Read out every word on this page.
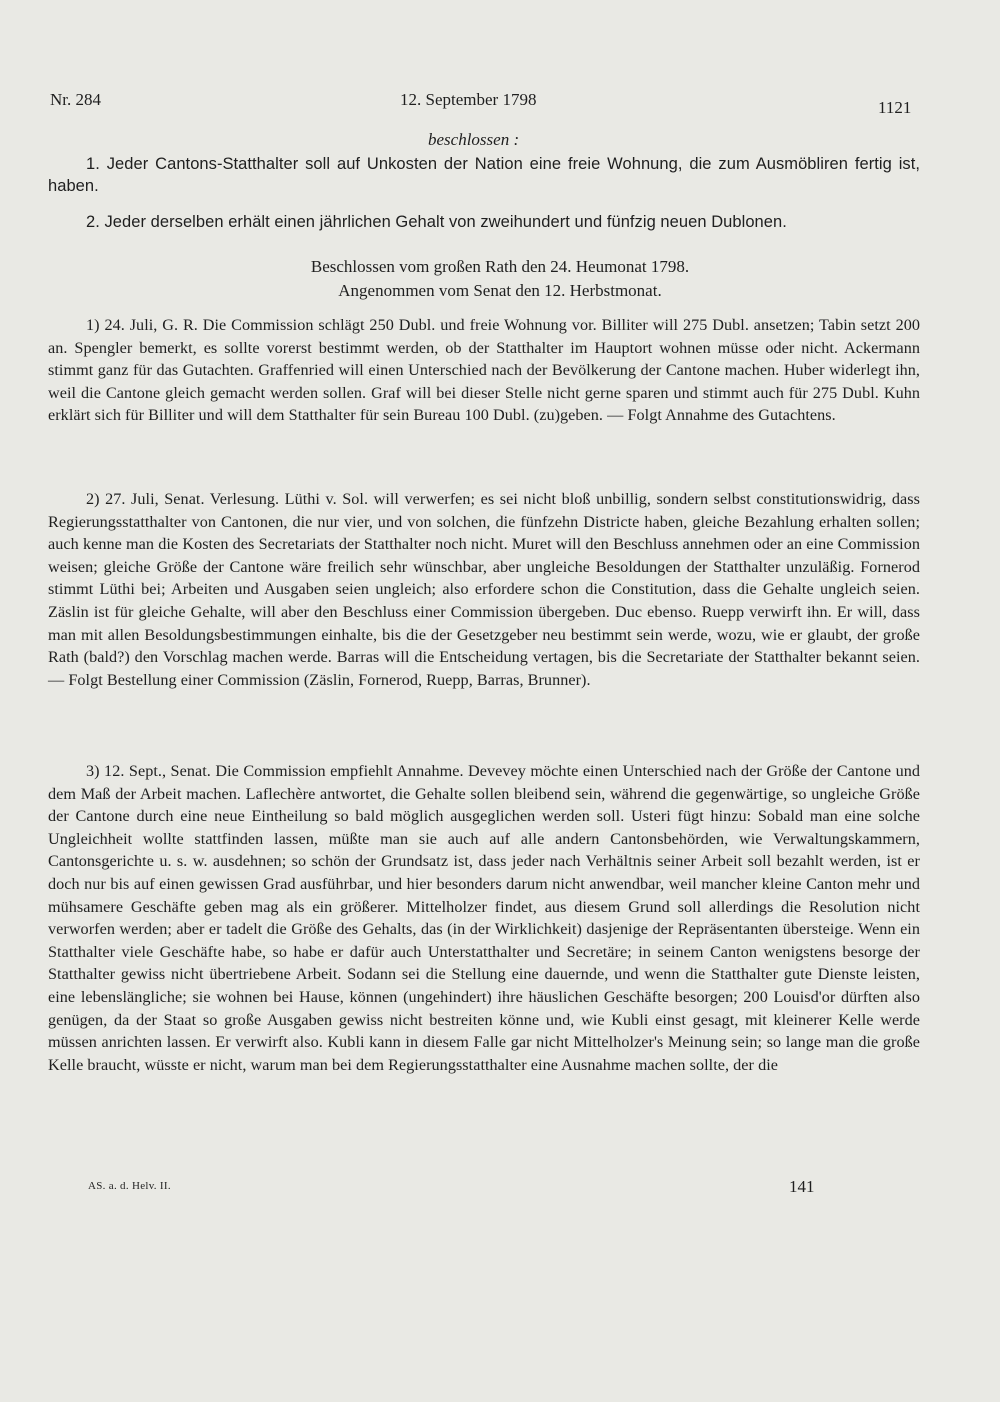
Nr. 284	12. September 1798	1121
beschlossen :
1. Jeder Cantons-Statthalter soll auf Unkosten der Nation eine freie Wohnung, die zum Ausmöbliren fertig ist, haben.
2. Jeder derselben erhält einen jährlichen Gehalt von zweihundert und fünfzig neuen Dublonen.
Beschlossen vom großen Rath den 24. Heumonat 1798.
Angenommen vom Senat den 12. Herbstmonat.
1) 24. Juli, G. R. Die Commission schlägt 250 Dubl. und freie Wohnung vor. Billiter will 275 Dubl. ansetzen; Tabin setzt 200 an. Spengler bemerkt, es sollte vorerst bestimmt werden, ob der Statthalter im Hauptort wohnen müsse oder nicht. Ackermann stimmt ganz für das Gutachten. Graffenried will einen Unterschied nach der Bevölkerung der Cantone machen. Huber widerlegt ihn, weil die Cantone gleich gemacht werden sollen. Graf will bei dieser Stelle nicht gerne sparen und stimmt auch für 275 Dubl. Kuhn erklärt sich für Billiter und will dem Statthalter für sein Bureau 100 Dubl. (zu)geben. — Folgt Annahme des Gutachtens.
2) 27. Juli, Senat. Verlesung. Lüthi v. Sol. will verwerfen; es sei nicht bloß unbillig, sondern selbst constitutionswidrig, dass Regierungsstatthalter von Cantonen, die nur vier, und von solchen, die fünfzehn Districte haben, gleiche Bezahlung erhalten sollen; auch kenne man die Kosten des Secretariats der Statthalter noch nicht. Muret will den Beschluss annehmen oder an eine Commission weisen; gleiche Größe der Cantone wäre freilich sehr wünschbar, aber ungleiche Besoldungen der Statthalter unzuläßig. Fornerod stimmt Lüthi bei; Arbeiten und Ausgaben seien ungleich; also erfordere schon die Constitution, dass die Gehalte ungleich seien. Zäslin ist für gleiche Gehalte, will aber den Beschluss einer Commission übergeben. Duc ebenso. Ruepp verwirft ihn. Er will, dass man mit allen Besoldungsbestimmungen einhalte, bis die der Gesetzgeber neu bestimmt sein werde, wozu, wie er glaubt, der große Rath (bald?) den Vorschlag machen werde. Barras will die Entscheidung vertagen, bis die Secretariate der Statthalter bekannt seien. — Folgt Bestellung einer Commission (Zäslin, Fornerod, Ruepp, Barras, Brunner).
3) 12. Sept., Senat. Die Commission empfiehlt Annahme. Devevey möchte einen Unterschied nach der Größe der Cantone und dem Maß der Arbeit machen. Laflechère antwortet, die Gehalte sollen bleibend sein, während die gegenwärtige, so ungleiche Größe der Cantone durch eine neue Eintheilung so bald möglich ausgeglichen werden soll. Usteri fügt hinzu: Sobald man eine solche Ungleichheit wollte stattfinden lassen, müßte man sie auch auf alle andern Cantonsbehörden, wie Verwaltungskammern, Cantonsgerichte u. s. w. ausdehnen; so schön der Grundsatz ist, dass jeder nach Verhältnis seiner Arbeit soll bezahlt werden, ist er doch nur bis auf einen gewissen Grad ausführbar, und hier besonders darum nicht anwendbar, weil mancher kleine Canton mehr und mühsamere Geschäfte geben mag als ein größerer. Mittelholzer findet, aus diesem Grund soll allerdings die Resolution nicht verworfen werden; aber er tadelt die Größe des Gehalts, das (in der Wirklichkeit) dasjenige der Repräsentanten übersteige. Wenn ein Statthalter viele Geschäfte habe, so habe er dafür auch Unterstatthalter und Secretäre; in seinem Canton wenigstens besorge der Statthalter gewiss nicht übertriebene Arbeit. Sodann sei die Stellung eine dauernde, und wenn die Statthalter gute Dienste leisten, eine lebenslängliche; sie wohnen bei Hause, können (ungehindert) ihre häuslichen Geschäfte besorgen; 200 Louisd'or dürften also genügen, da der Staat so große Ausgaben gewiss nicht bestreiten könne und, wie Kubli einst gesagt, mit kleinerer Kelle werde müssen anrichten lassen. Er verwirft also. Kubli kann in diesem Falle gar nicht Mittelholzer's Meinung sein; so lange man die große Kelle braucht, wüsste er nicht, warum man bei dem Regierungsstatthalter eine Ausnahme machen sollte, der die
AS. a. d. Helv. II.	141
